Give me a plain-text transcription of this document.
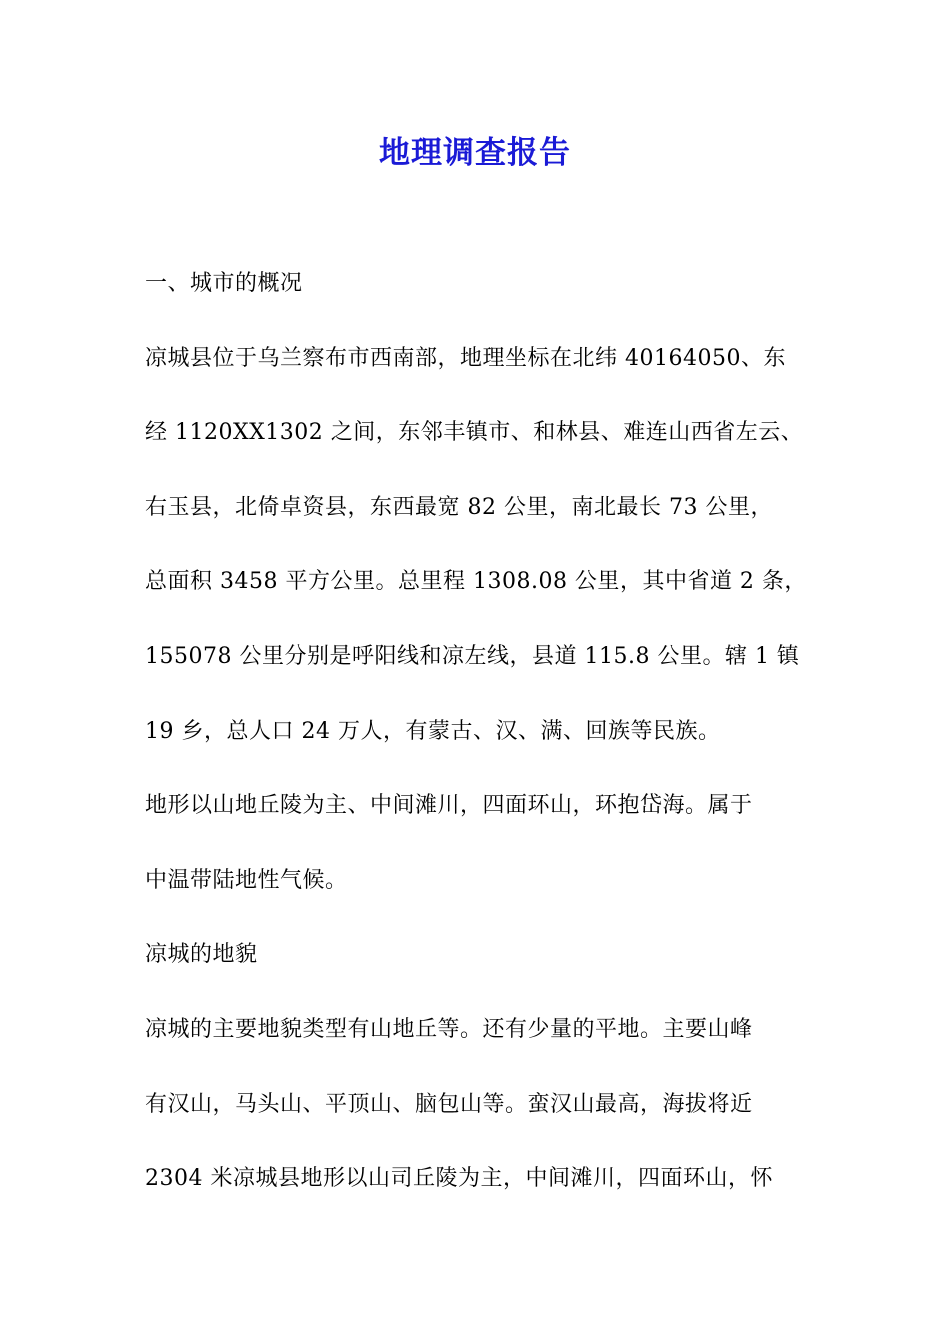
地理调查报告
一、城市的概况
凉城县位于乌兰察布市西南部，地理坐标在北纬 40164050、东
经 1120XX1302 之间，东邻丰镇市、和林县、难连山西省左云、
右玉县，北倚卓资县，东西最宽 82 公里，南北最长 73 公里，
总面积 3458 平方公里。总里程 1308.08 公里，其中省道 2 条，
155078 公里分别是呼阳线和凉左线，县道 115.8 公里。辖 1 镇
19 乡，总人口 24 万人，有蒙古、汉、满、回族等民族。
地形以山地丘陵为主、中间滩川，四面环山，环抱岱海。属于
中温带陆地性气候。
凉城的地貌
凉城的主要地貌类型有山地丘等。还有少量的平地。主要山峰
有汉山，马头山、平顶山、脑包山等。蛮汉山最高，海拔将近
2304 米凉城县地形以山司丘陵为主，中间滩川，四面环山，怀
